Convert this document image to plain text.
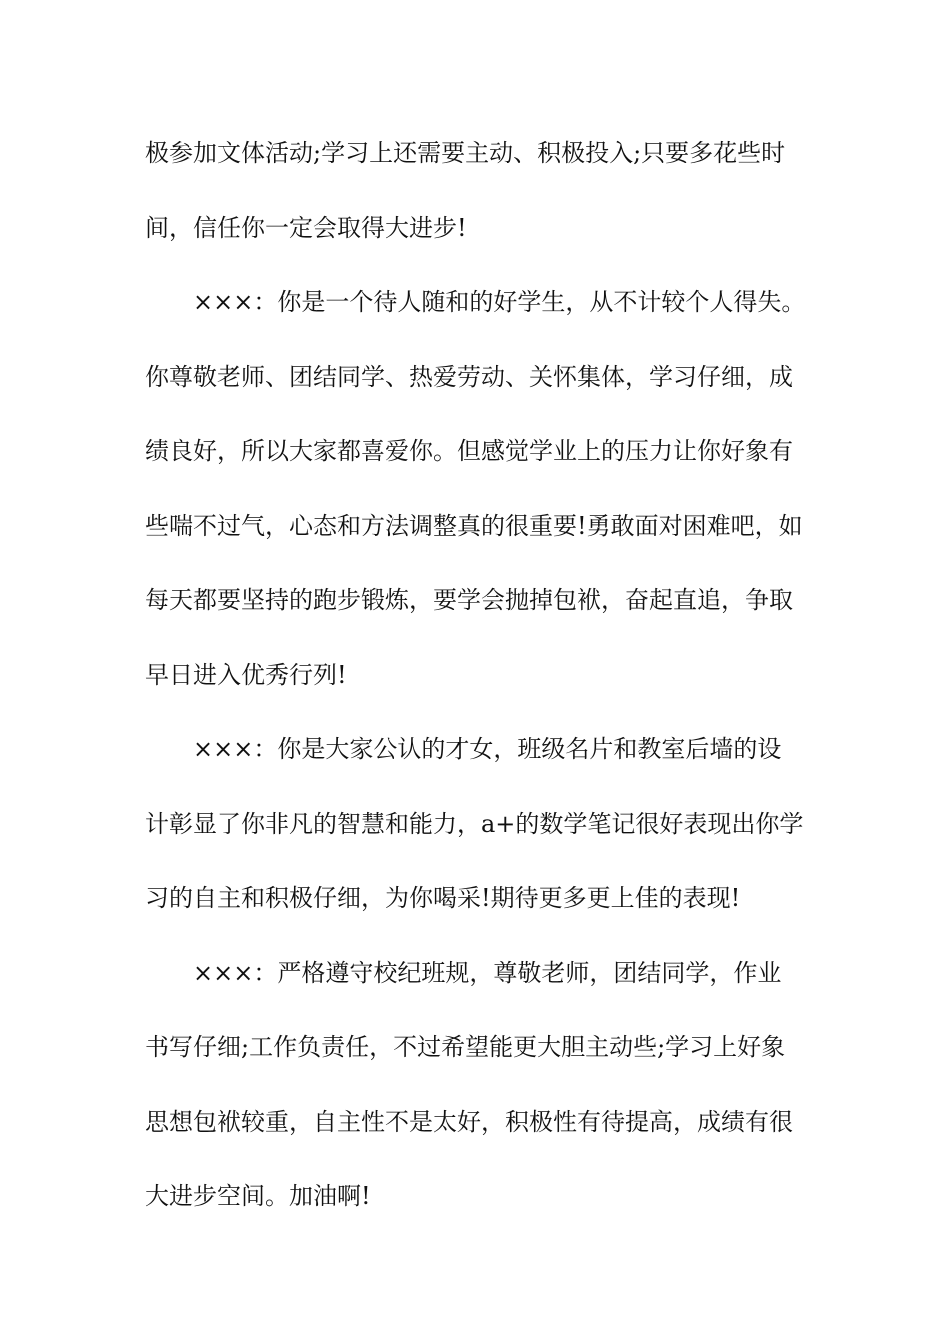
极参加文体活动;学习上还需要主动、积极投入;只要多花些时
间，信任你一定会取得大进步!
×××：你是一个待人随和的好学生，从不计较个人得失。
你尊敬老师、团结同学、热爱劳动、关怀集体，学习仔细，成
绩良好，所以大家都喜爱你。但感觉学业上的压力让你好象有
些喘不过气，心态和方法调整真的很重要!勇敢面对困难吧，如
每天都要坚持的跑步锻炼，要学会抛掉包袱，奋起直追，争取
早日进入优秀行列!
×××：你是大家公认的才女，班级名片和教室后墙的设
计彰显了你非凡的智慧和能力，a+的数学笔记很好表现出你学
习的自主和积极仔细，为你喝采!期待更多更上佳的表现!
×××：严格遵守校纪班规，尊敬老师，团结同学，作业
书写仔细;工作负责任，不过希望能更大胆主动些;学习上好象
思想包袱较重，自主性不是太好，积极性有待提高，成绩有很
大进步空间。加油啊!
